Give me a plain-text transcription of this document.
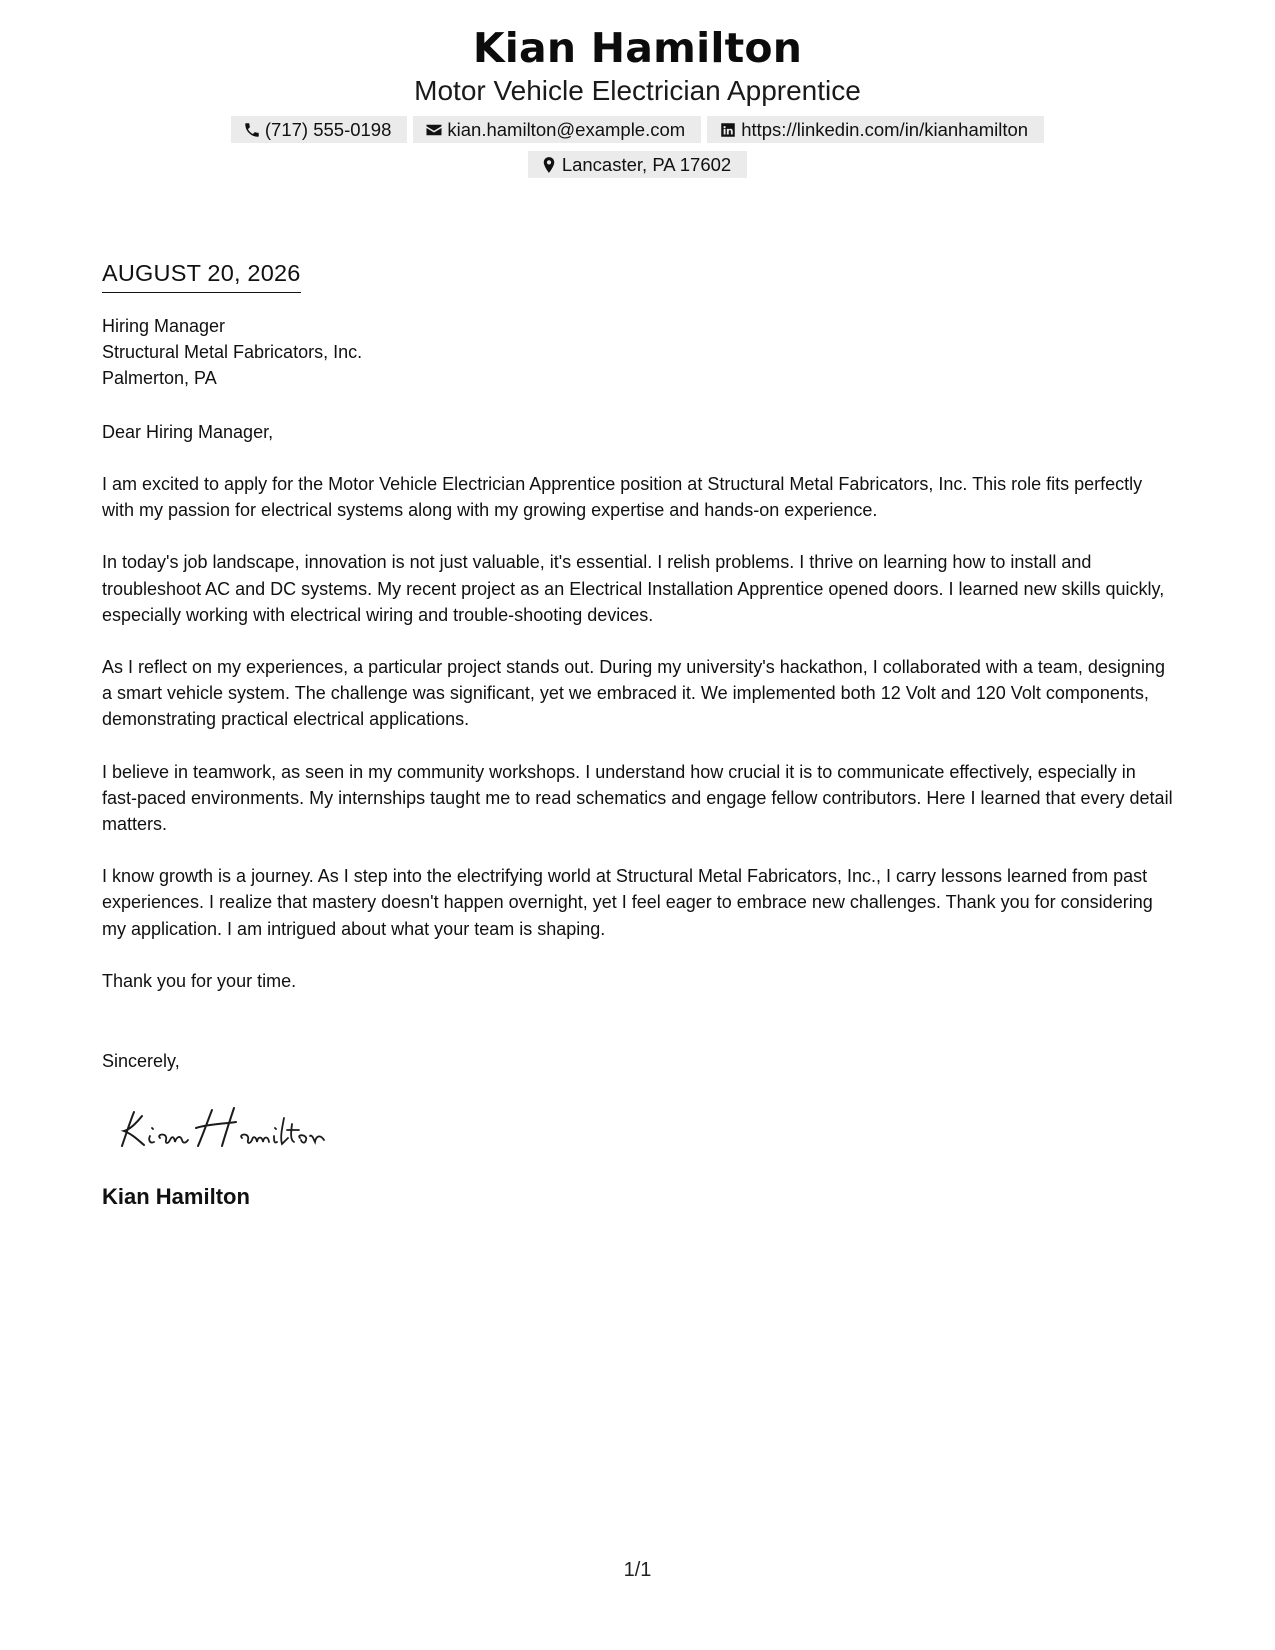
Kian Hamilton
Motor Vehicle Electrician Apprentice
(717) 555-0198	kian.hamilton@example.com	https://linkedin.com/in/kianhamilton
Lancaster, PA 17602
AUGUST 20, 2026
Hiring Manager
Structural Metal Fabricators, Inc.
Palmerton, PA
Dear Hiring Manager,

I am excited to apply for the Motor Vehicle Electrician Apprentice position at Structural Metal Fabricators, Inc. This role fits perfectly with my passion for electrical systems along with my growing expertise and hands-on experience.

In today's job landscape, innovation is not just valuable, it's essential. I relish problems. I thrive on learning how to install and troubleshoot AC and DC systems. My recent project as an Electrical Installation Apprentice opened doors. I learned new skills quickly, especially working with electrical wiring and trouble-shooting devices.

As I reflect on my experiences, a particular project stands out. During my university's hackathon, I collaborated with a team, designing a smart vehicle system. The challenge was significant, yet we embraced it. We implemented both 12 Volt and 120 Volt components, demonstrating practical electrical applications.

I believe in teamwork, as seen in my community workshops. I understand how crucial it is to communicate effectively, especially in fast-paced environments. My internships taught me to read schematics and engage fellow contributors. Here I learned that every detail matters.

I know growth is a journey. As I step into the electrifying world at Structural Metal Fabricators, Inc., I carry lessons learned from past experiences. I realize that mastery doesn't happen overnight, yet I feel eager to embrace new challenges. Thank you for considering my application. I am intrigued about what your team is shaping.

Thank you for your time.
Sincerely,
Kian Hamilton
1/1
